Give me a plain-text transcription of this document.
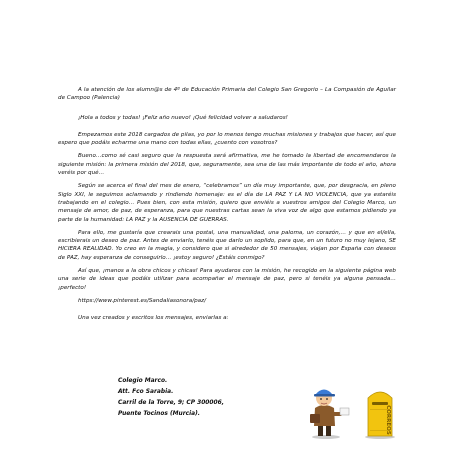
A la atención de los alumn@s de 4º de Educación Primaria del Colegio San Gregorio – La Compasión de Aguilar de Campoo (Palencia)

¡Hola a todos y todas! ¡Feliz año nuevo! ¡Qué felicidad volver a saludaros!

Empezamos este 2018 cargados de pilas, yo por lo menos tengo muchas misiones y trabajos que hacer, así que espero que podáis echarme una mano con todas ellas, ¿cuento con vosotros?

Bueno…como sé casi seguro que la respuesta será afirmativa, me he tomado la libertad de encomendaros la siguiente misión: la primera misión del 2018, que, seguramente, sea una de las más importante de todo el año, ahora veréis por qué…

Según se acerca el final del mes de enero, “celebramos” un día muy importante, que, por desgracia, en pleno Siglo XXI, le seguimos aclamando y rindiendo homenaje: es el día de LA PAZ Y LA NO VIOLENCIA, que ya estaréis trabajando en el colegio… Pues bien, con esta misión, quiero que enviéis a vuestros amigos del Colegio Marco, un mensaje de amor, de paz, de esperanza, para que nuestras cartas sean la viva voz de algo que estamos pidiendo ya parte de la humanidad: LA PAZ y la AUSENCIA DE GUERRAS.

Para ello, me gustaría que crearais una postal, una manualidad, una paloma, un corazón,… y que en el/ella, escribierais un deseo de paz. Antes de enviarlo, tenéis que darlo un soplido, para que, en un futuro no muy lejano, SE HICIERA REALIDAD. Yo creo en la magia, y considero que si alrededor de 50 mensajes, viajan por España con deseos de PAZ, hay esperanza de conseguirlo… ¡estoy seguro! ¿Estáis conmigo?

Así que, ¡manos a la obra chicos y chicas! Para ayudaros con la misión, he recogido en la siguiente página web una serie de ideas que podáis utilizar para acompañar el mensaje de paz, pero si tenéis ya alguna pensada… ¡perfecto!

https://www.pinterest.es/Sandaliasonora/paz/

Una vez creados y escritos los mensajes, enviarlas a:

Colegio Marco.
Att. Fco Sarabia.
Carril de la Torre, 9; CP 300006,
Puente Tocinos (Murcia).	CORREOS
